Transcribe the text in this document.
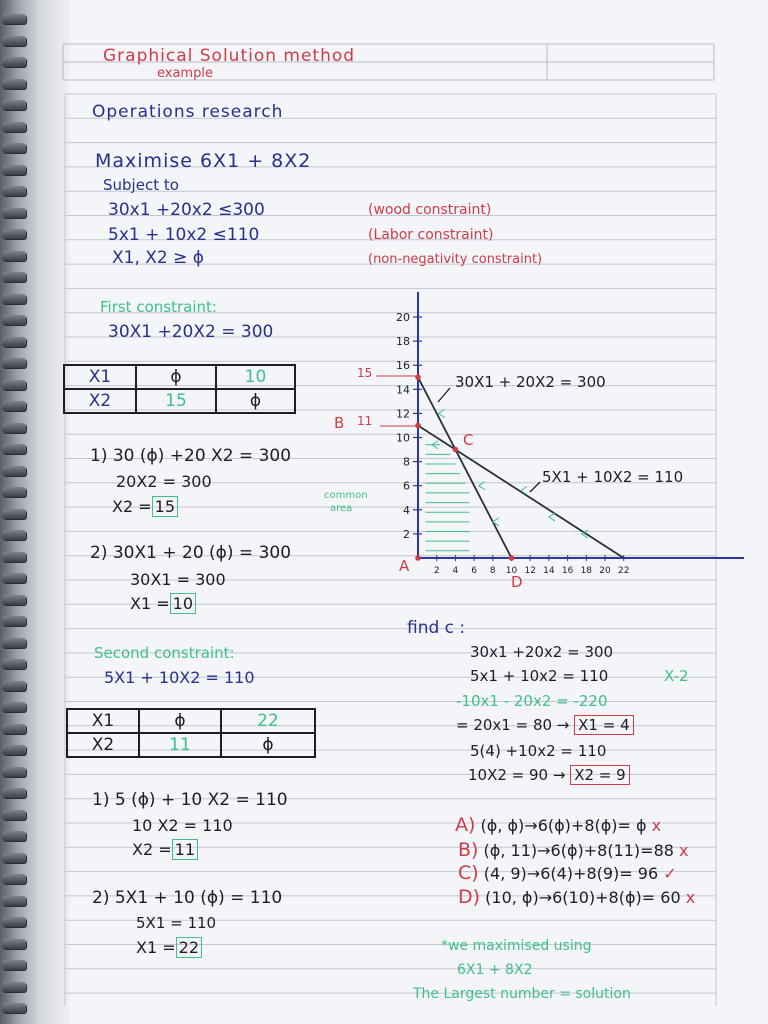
Graphical Solution method
example
Operations research
Maximise 6X1 + 8X2
Subject to
30x1 +20x2 ≤300	(wood constraint)
5x1 + 10x2 ≤110	(Labor constraint)
X1, X2 ≥ ϕ	(non-negativity constraint)
First constraint:
30X1 +20X2 = 300
X1	ϕ	10
X2	15	ϕ
1) 30 (ϕ) +20 X2 = 300
20X2 = 300
X2 = 15
2) 30X1 + 20 (ϕ) = 300
30X1 = 300
X1 = 10
Second constraint:
5X1 + 10X2 = 110
X1	ϕ	22
X2	11	ϕ
1) 5 (ϕ) + 10 X2 = 110
10 X2 = 110
X2 = 11
2) 5X1 + 10 (ϕ) = 110
5X1 = 110
X1 = 22
20
18
16
14
12
10
8
6
4
2
2 4 6 8 10 12 14 16 18 20 22
30X1 + 20X2 = 300
5X1 + 10X2 = 110
15
B 11
C
A
D
common
area
find c :
30x1 +20x2 = 300
5x1 + 10x2 = 110	X-2
-10x1 - 20x2 = -220
= 20x1 = 80 → X1 = 4
5(4) +10x2 = 110
10X2 = 90 → X2 = 9
A) (ϕ, ϕ)→6(ϕ)+8(ϕ)= ϕ x
B) (ϕ, 11)→6(ϕ)+8(11)=88 x
C) (4, 9)→6(4)+8(9)= 96 ✓
D) (10, ϕ)→6(10)+8(ϕ)= 60 x
*we maximised using
6X1 + 8X2
The Largest number = solution
